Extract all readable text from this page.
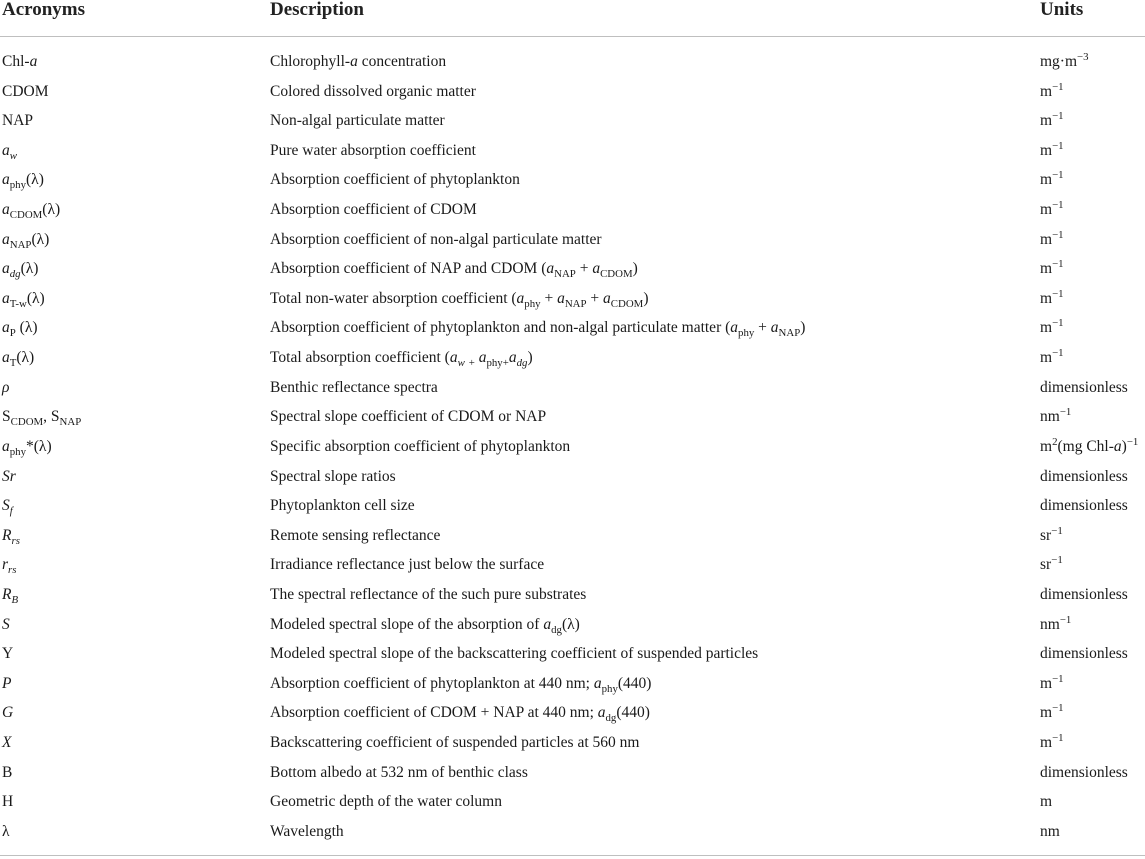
Acronyms	Description	Units
Chl-a	Chlorophyll-a concentration	$mg\cdot m^{-3}$
CDOM	Colored dissolved organic matter	$m^{-1}$
NAP	Non-algal particulate matter	$m^{-1}$
$a_w$	Pure water absorption coefficient	$m^{-1}$
$a_{phy}(\lambda)$	Absorption coefficient of phytoplankton	$m^{-1}$
$a_{CDOM}(\lambda)$	Absorption coefficient of CDOM	$m^{-1}$
$a_{NAP}(\lambda)$	Absorption coefficient of non-algal particulate matter	$m^{-1}$
$a_{dg}(\lambda)$	Absorption coefficient of NAP and CDOM $(a_{NAP} + a_{CDOM})$	$m^{-1}$
$a_{T-w}(\lambda)$	Total non-water absorption coefficient $(a_{phy} + a_{NAP} + a_{CDOM})$	$m^{-1}$
$a_P$ (λ)	Absorption coefficient of phytoplankton and non-algal particulate matter $(a_{phy} + a_{NAP})$	$m^{-1}$
$a_T(\lambda)$	Total absorption coefficient ($a_w$ $_+$ $a_{phy+}a_{dg}$)	$m^{-1}$
ρ	Benthic reflectance spectra	dimensionless
$S_{CDOM}$, $S_{NAP}$	Spectral slope coefficient of CDOM or NAP	$nm^{-1}$
$a_{phy}*(\lambda)$	Specific absorption coefficient of phytoplankton	$m^2(mg$ Chl-a)$^{-1}$
Sr	Spectral slope ratios	dimensionless
$S_f$	Phytoplankton cell size	dimensionless
$R_{rs}$	Remote sensing reflectance	$sr^{-1}$
$r_{rs}$	Irradiance reflectance just below the surface	$sr^{-1}$
$R_B$	The spectral reflectance of the such pure substrates	dimensionless
S	Modeled spectral slope of the absorption of $a_{dg}(\lambda)$	$nm^{-1}$
Y	Modeled spectral slope of the backscattering coefficient of suspended particles	dimensionless
P	Absorption coefficient of phytoplankton at 440 nm; $a_{phy}(440)$	$m^{-1}$
G	Absorption coefficient of CDOM + NAP at 440 nm; $a_{dg}(440)$	$m^{-1}$
X	Backscattering coefficient of suspended particles at 560 nm	$m^{-1}$
B	Bottom albedo at 532 nm of benthic class	dimensionless
H	Geometric depth of the water column	m
λ	Wavelength	nm
